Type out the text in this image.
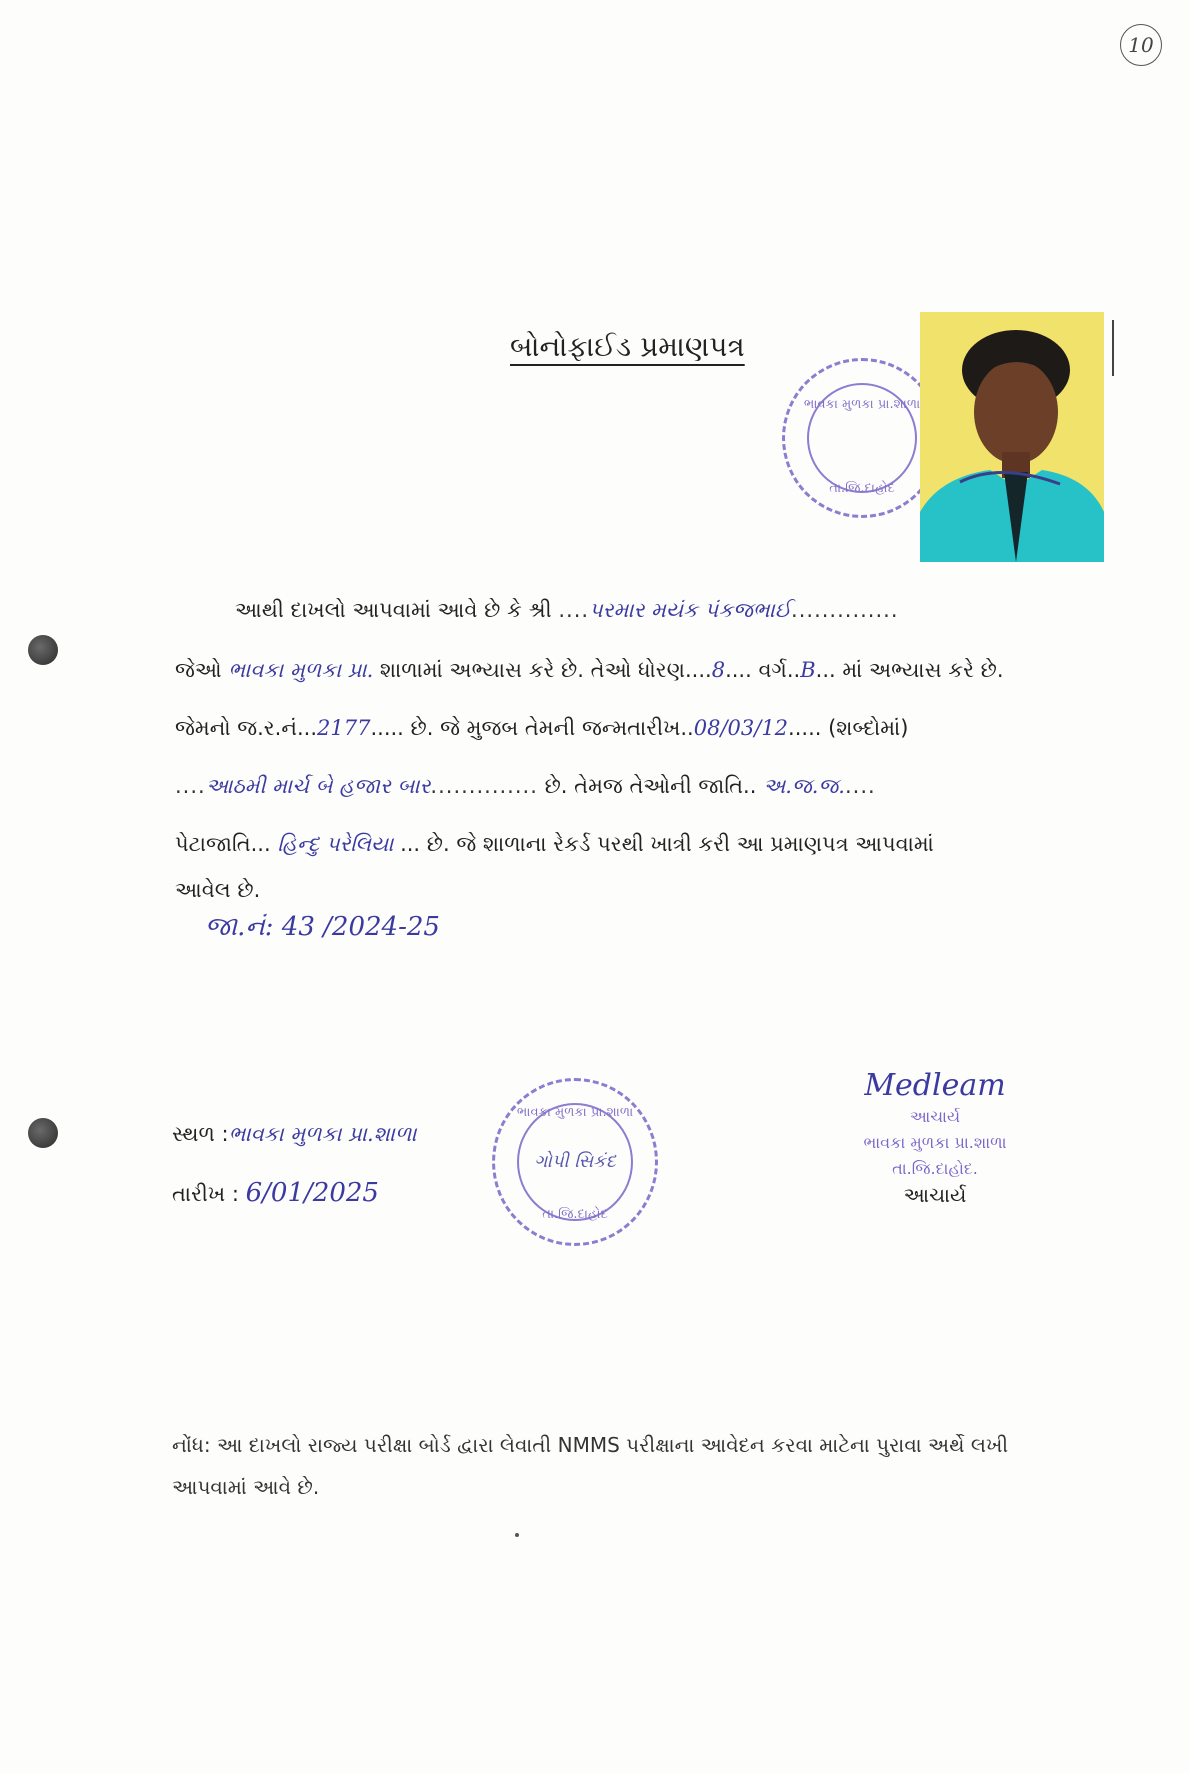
10
બોનોફાઈડ પ્રમાણપત્ર
ભાવકા મુળકા પ્રા.શાળા
તા.જિ.દાહોદ
આથી દાખલો આપવામાં આવે છે કે શ્રી ....પરમાર મયંક પંકજભાઈ..............
જેઓ ભાવકા મુળકા પ્રા. શાળામાં અભ્યાસ કરે છે. તેઓ ધોરણ....8.... વર્ગ..B... માં અભ્યાસ કરે છે.
જેમનો જ.ર.નં...2177..... છે. જે મુજબ તેમની જન્મતારીખ..08/03/12..... (શબ્દોમાં)
....આઠમી માર્ચ બે હજાર બાર.............. છે. તેમજ તેઓની જાતિ.. અ.જ.જ.....
પેટાજાતિ... હિન્દુ પરેલિયા ... છે. જે શાળાના રેકર્ડ પરથી ખાત્રી કરી આ પ્રમાણપત્ર આપવામાં
આવેલ છે.
જા.નં: 43 /2024-25
સ્થળ :ભાવકા મુળકા પ્રા.શાળા
તારીખ : 6/01/2025
ભાવકા મુળકા પ્રા.શાળા
ગોપી સિકંદ
તા.જિ.દાહોદ
Medleam
આચાર્ય
ભાવકા મુળકા પ્રા.શાળા
તા.જિ.દાહોદ.
આચાર્ય
નોંધ: આ દાખલો રાજ્ય પરીક્ષા બોર્ડ દ્વારા લેવાતી NMMS પરીક્ષાના આવેદન કરવા માટેના પુરાવા અર્થે લખી
આપવામાં આવે છે.
